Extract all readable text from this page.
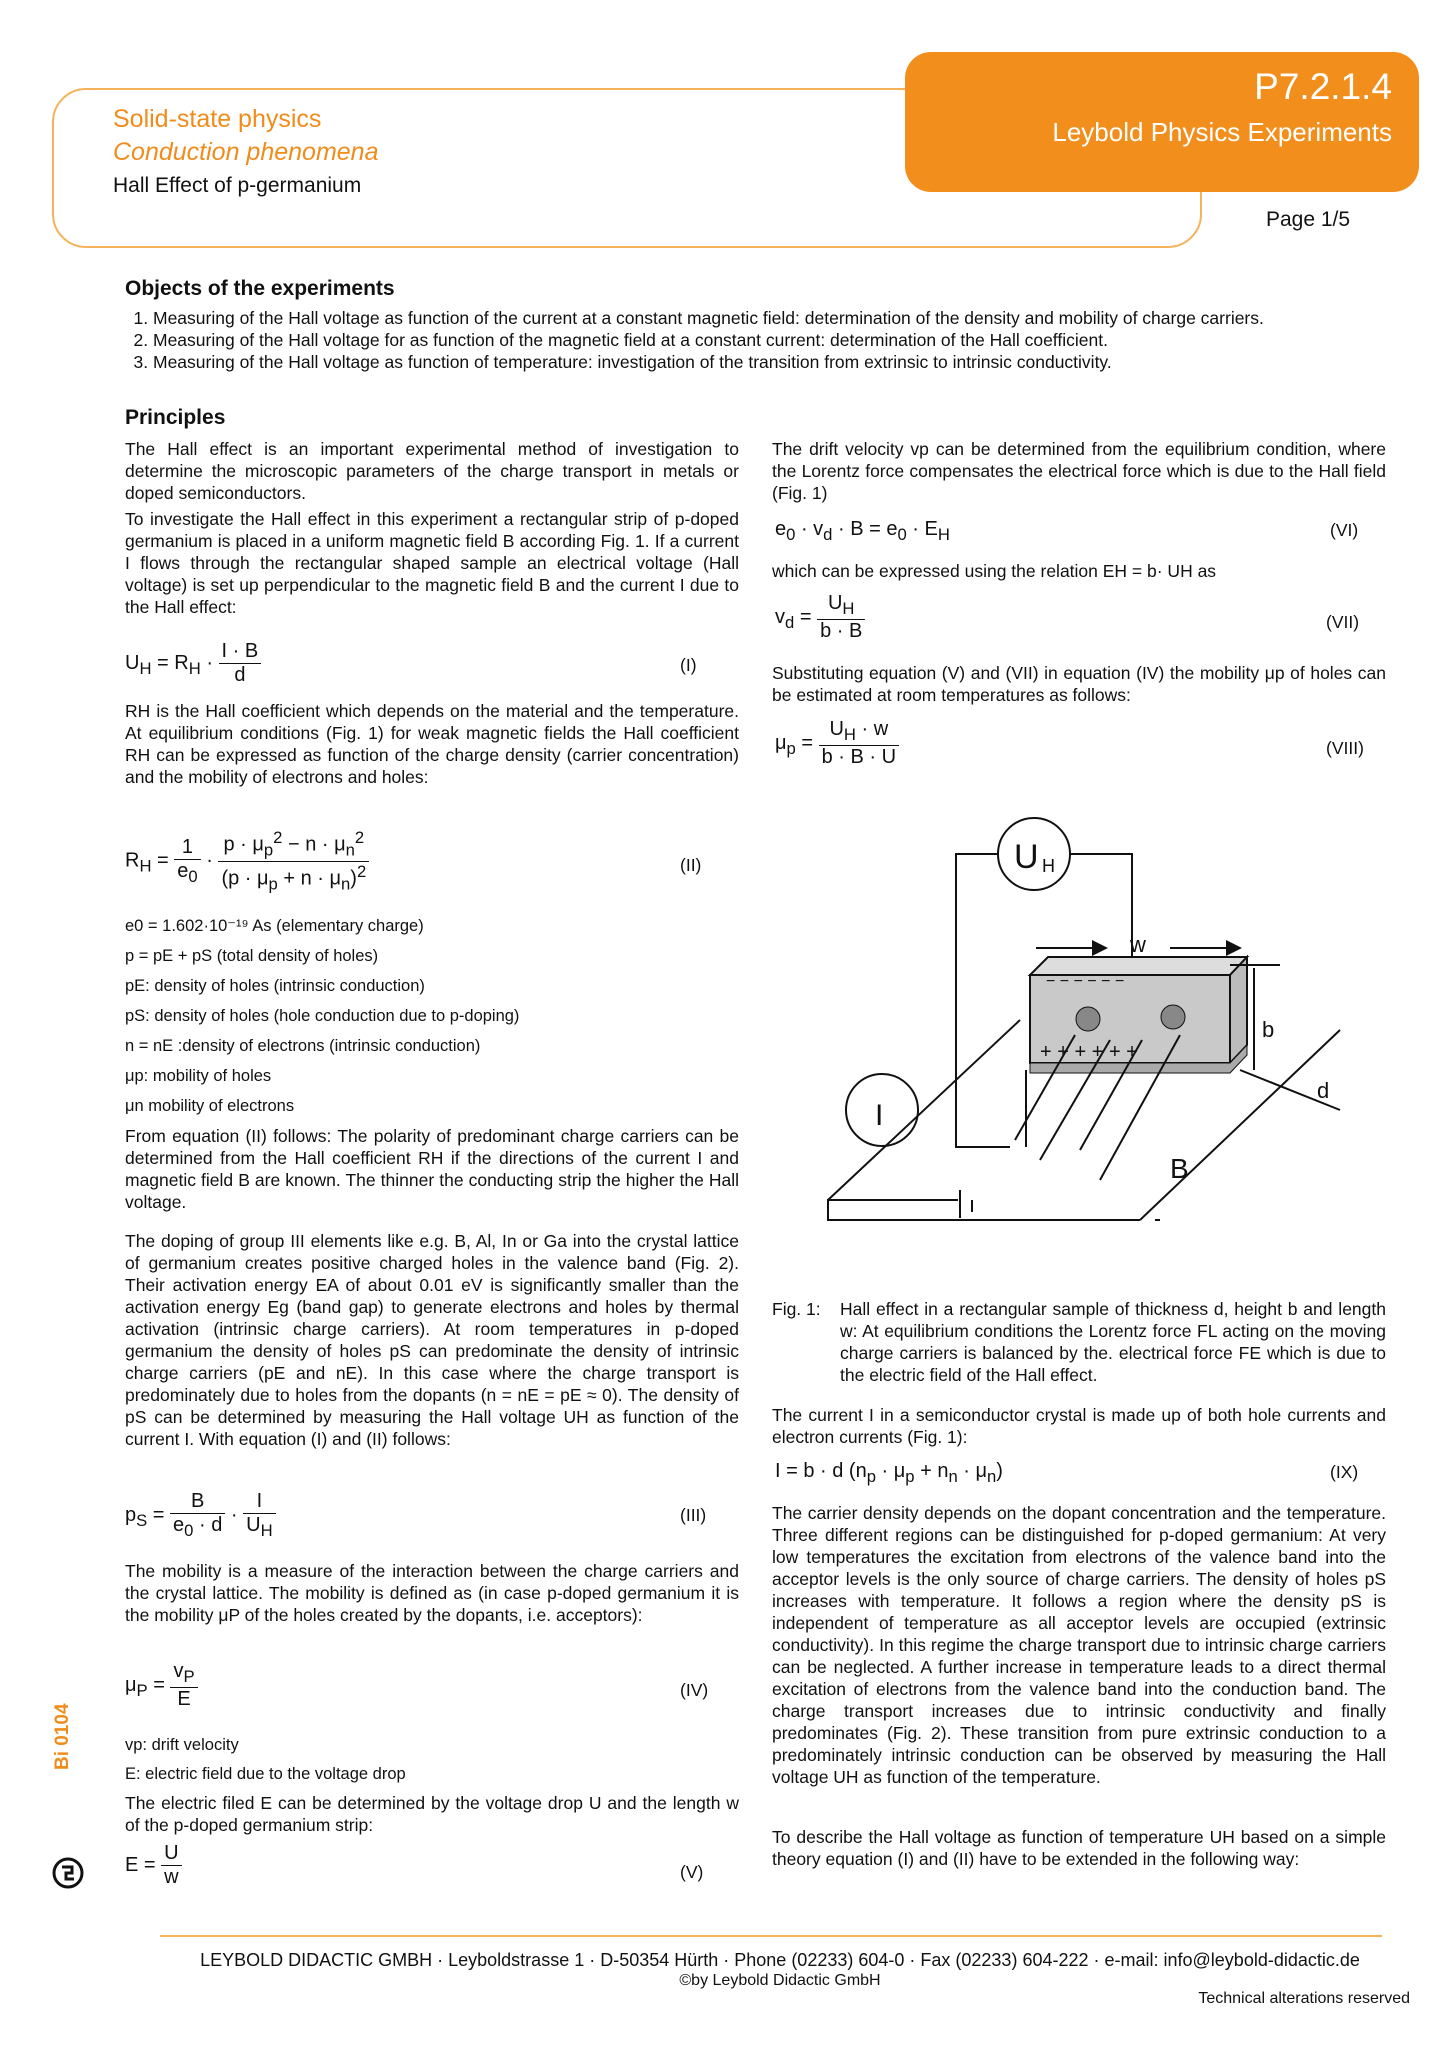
Solid-state physics
Conduction phenomena
Hall Effect of p-germanium
P7.2.1.4
Leybold Physics Experiments
Page 1/5
Objects of the experiments
1. Measuring of the Hall voltage as function of the current at a constant magnetic field: determination of the density and mobility of charge carriers.
2. Measuring of the Hall voltage for as function of the magnetic field at a constant current: determination of the Hall coefficient.
3. Measuring of the Hall voltage as function of temperature: investigation of the transition from extrinsic to intrinsic conductivity.
Principles
The Hall effect is an important experimental method of investigation to determine the microscopic parameters of the charge transport in metals or doped semiconductors.
To investigate the Hall effect in this experiment a rectangular strip of p-doped germanium is placed in a uniform magnetic field B according Fig. 1. If a current I flows through the rectangular shaped sample an electrical voltage (Hall voltage) is set up perpendicular to the magnetic field B and the current I due to the Hall effect:
$U_H = R_H \cdot \frac{I \cdot B}{d}$	(I)
RH is the Hall coefficient which depends on the material and the temperature. At equilibrium conditions (Fig. 1) for weak magnetic fields the Hall coefficient RH can be expressed as function of the charge density (carrier concentration) and the mobility of electrons and holes:
$R_H = \frac{1}{e_0} \cdot \frac{p \cdot \mu_p^2 - n \cdot \mu_n^2}{(p \cdot \mu_p + n \cdot \mu_n)^2}$	(II)
e0 = 1.602·10⁻¹⁹ As (elementary charge)
p = pE + pS (total density of holes)
pE: density of holes (intrinsic conduction)
pS: density of holes (hole conduction due to p-doping)
n = nE :density of electrons (intrinsic conduction)
μp: mobility of holes
μn mobility of electrons
From equation (II) follows: The polarity of predominant charge carriers can be determined from the Hall coefficient RH if the directions of the current I and magnetic field B are known. The thinner the conducting strip the higher the Hall voltage.
The doping of group III elements like e.g. B, Al, In or Ga into the crystal lattice of germanium creates positive charged holes in the valence band (Fig. 2). Their activation energy EA of about 0.01 eV is significantly smaller than the activation energy Eg (band gap) to generate electrons and holes by thermal activation (intrinsic charge carriers). At room temperatures in p-doped germanium the density of holes pS can predominate the density of intrinsic charge carriers (pE and nE). In this case where the charge transport is predominately due to holes from the dopants (n = nE = pE ≈ 0). The density of pS can be determined by measuring the Hall voltage UH as function of the current I. With equation (I) and (II) follows:
$p_S = \frac{B}{e_0 \cdot d} \cdot \frac{I}{U_H}$	(III)
The mobility is a measure of the interaction between the charge carriers and the crystal lattice. The mobility is defined as (in case p-doped germanium it is the mobility μP of the holes created by the dopants, i.e. acceptors):
$\mu_P = \frac{v_P}{E}$	(IV)
vp: drift velocity
E: electric field due to the voltage drop
The electric filed E can be determined by the voltage drop U and the length w of the p-doped germanium strip:
$E = \frac{U}{w}$	(V)
The drift velocity vp can be determined from the equilibrium condition, where the Lorentz force compensates the electrical force which is due to the Hall field (Fig. 1)
$e_0 \cdot v_d \cdot B = e_0 \cdot E_H$	(VI)
which can be expressed using the relation EH = b· UH as
$v_d = \frac{U_H}{b \cdot B}$	(VII)
Substituting equation (V) and (VII) in equation (IV) the mobility μp of holes can be estimated at room temperatures as follows:
$\mu_p = \frac{U_H \cdot w}{b \cdot B \cdot U}$	(VIII)
U H
I
w
b
d
B
+ + + + + +
− − − − − −
Fig. 1:	Hall effect in a rectangular sample of thickness d, height b and length w: At equilibrium conditions the Lorentz force FL acting on the moving charge carriers is balanced by the. electrical force FE which is due to the electric field of the Hall effect.
The current I in a semiconductor crystal is made up of both hole currents and electron currents (Fig. 1):
I = b · d $(n_p \cdot \mu_p + n_n \cdot \mu_n)$	(IX)
The carrier density depends on the dopant concentration and the temperature. Three different regions can be distinguished for p-doped germanium: At very low temperatures the excitation from electrons of the valence band into the acceptor levels is the only source of charge carriers. The density of holes pS increases with temperature. It follows a region where the density pS is independent of temperature as all acceptor levels are occupied (extrinsic conductivity). In this regime the charge transport due to intrinsic charge carriers can be neglected. A further increase in temperature leads to a direct thermal excitation of electrons from the valence band into the conduction band. The charge transport increases due to intrinsic conductivity and finally predominates (Fig. 2). These transition from pure extrinsic conduction to a predominately intrinsic conduction can be observed by measuring the Hall voltage UH as function of the temperature.
To describe the Hall voltage as function of temperature UH based on a simple theory equation (I) and (II) have to be extended in the following way:
Bi 0104
LEYBOLD DIDACTIC GMBH · Leyboldstrasse 1 · D-50354 Hürth · Phone (02233) 604-0 · Fax (02233) 604-222 · e-mail: info@leybold-didactic.de
©by Leybold Didactic GmbH
Technical alterations reserved
